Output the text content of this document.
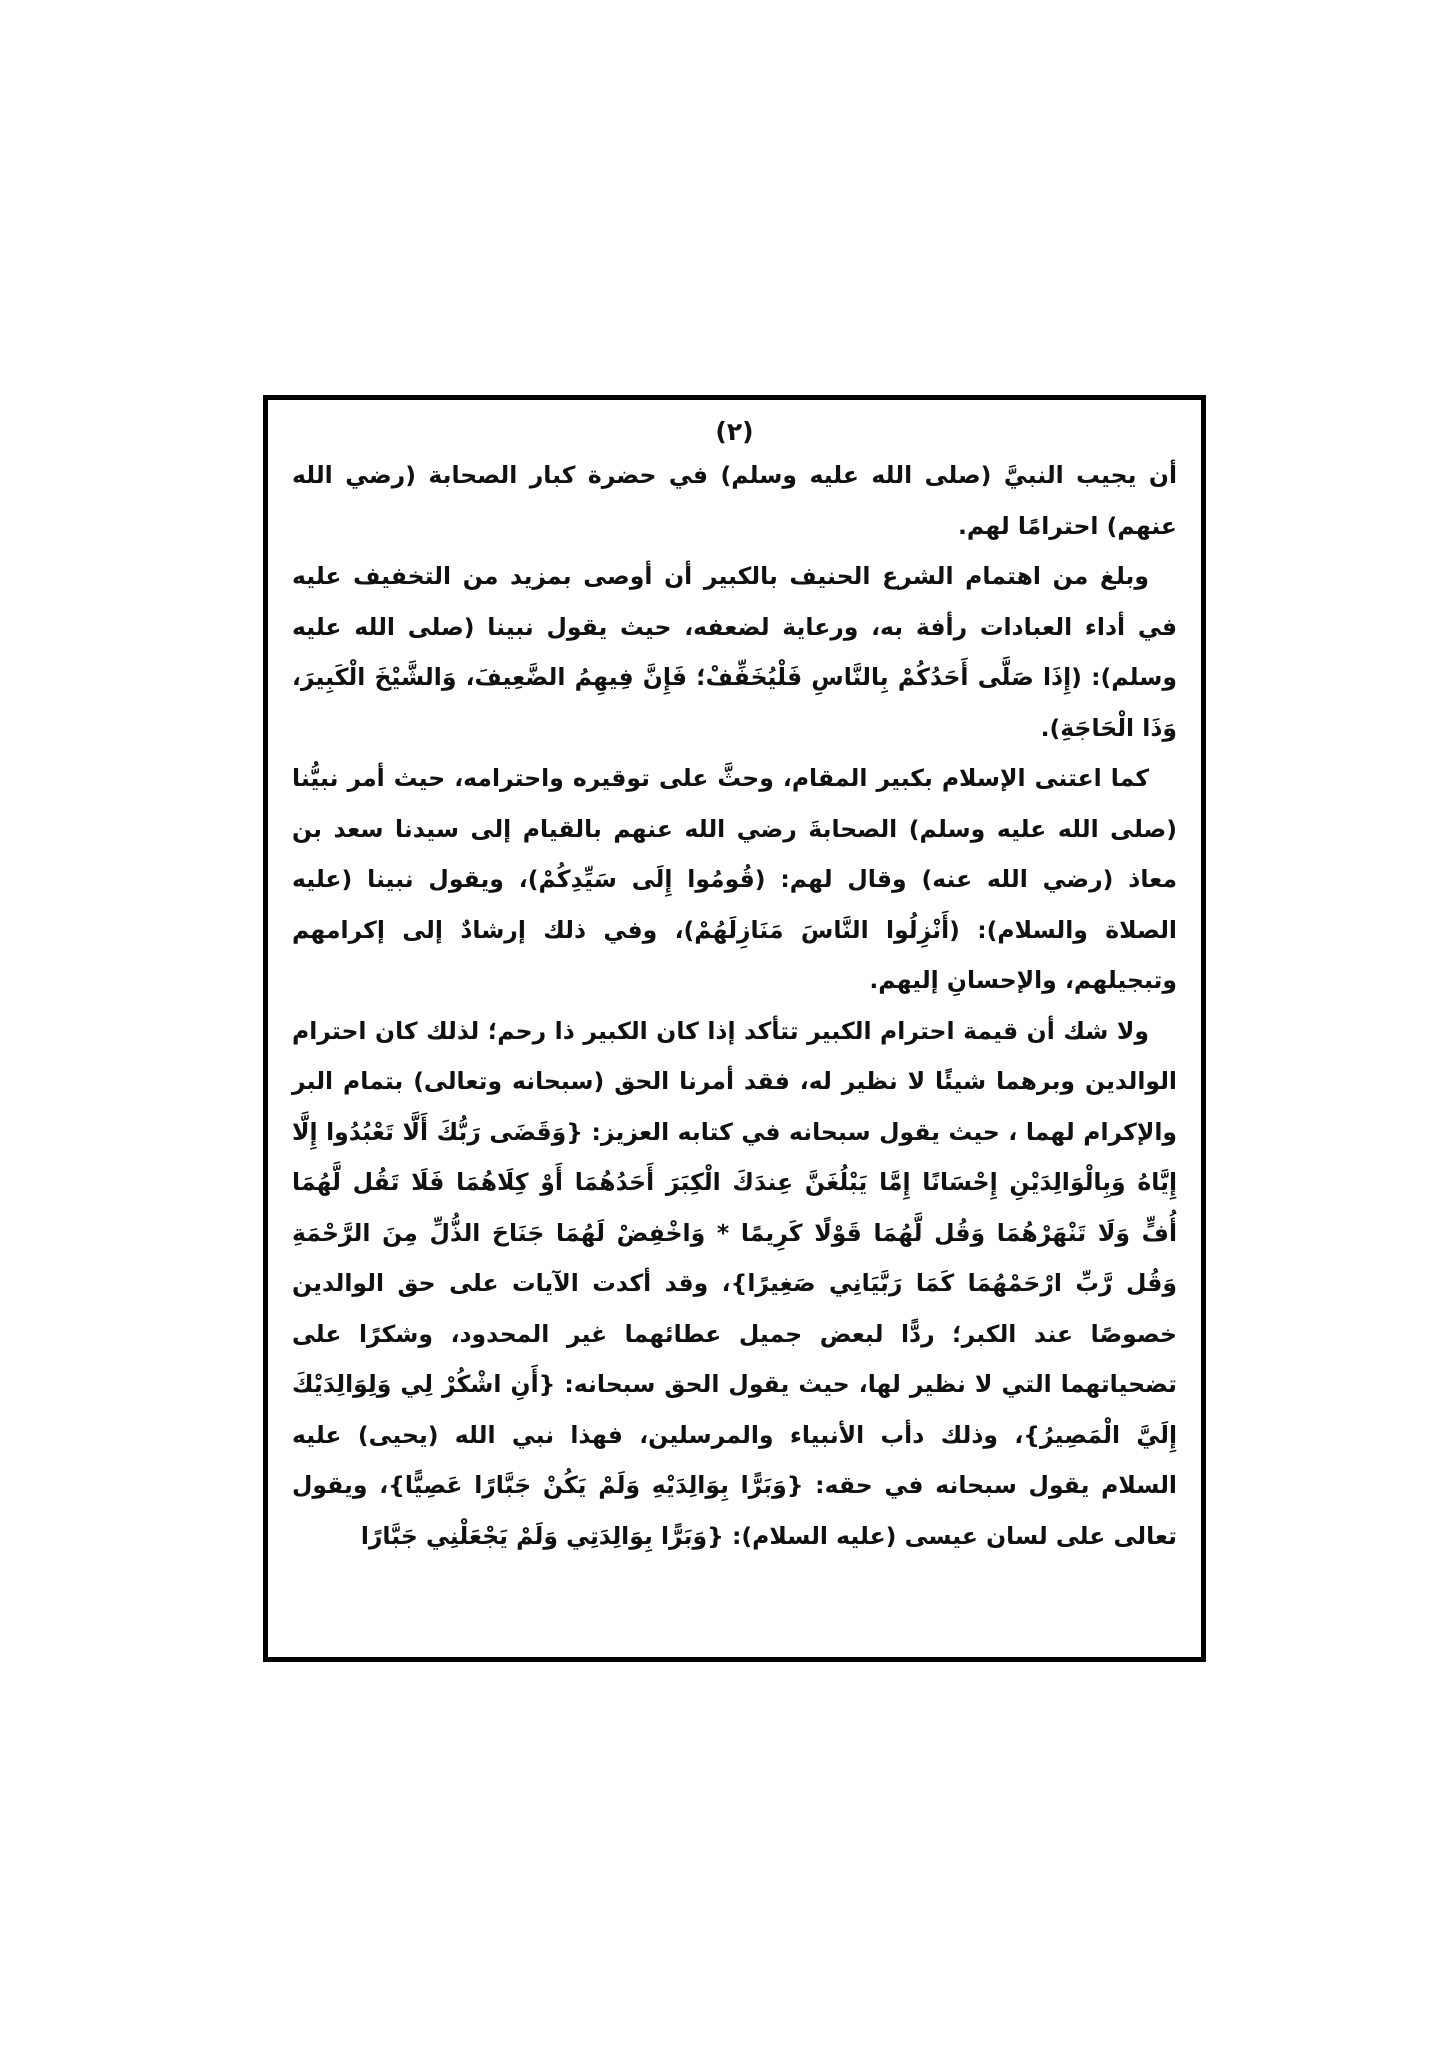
(٢)

أن يجيب النبيَّ (صلى الله عليه وسلم) في حضرة كبار الصحابة (رضي الله عنهم) احترامًا لهم.

وبلغ من اهتمام الشرع الحنيف بالكبير أن أوصى بمزيد من التخفيف عليه في أداء العبادات رأفة به، ورعاية لضعفه، حيث يقول نبينا (صلى الله عليه وسلم): (إِذَا صَلَّى أَحَدُكُمْ بِالنَّاسِ فَلْيُخَفِّفْ؛ فَإِنَّ فِيهِمُ الضَّعِيفَ، وَالشَّيْخَ الْكَبِيرَ، وَذَا الْحَاجَةِ).

كما اعتنى الإسلام بكبير المقام، وحثَّ على توقيره واحترامه، حيث أمر نبيُّنا (صلى الله عليه وسلم) الصحابةَ رضي الله عنهم بالقيام إلى سيدنا سعد بن معاذ (رضي الله عنه) وقال لهم: (قُومُوا إِلَى سَيِّدِكُمْ)، ويقول نبينا (عليه الصلاة والسلام): (أَنْزِلُوا النَّاسَ مَنَازِلَهُمْ)، وفي ذلك إرشادٌ إلى إكرامهم وتبجيلهم، والإحسانِ إليهم.

ولا شك أن قيمة احترام الكبير تتأكد إذا كان الكبير ذا رحم؛ لذلك كان احترام الوالدين وبرهما شيئًا لا نظير له، فقد أمرنا الحق (سبحانه وتعالى) بتمام البر والإكرام لهما ، حيث يقول سبحانه في كتابه العزيز: {وَقَضَى رَبُّكَ أَلَّا تَعْبُدُوا إِلَّا إِيَّاهُ وَبِالْوَالِدَيْنِ إِحْسَانًا إِمَّا يَبْلُغَنَّ عِندَكَ الْكِبَرَ أَحَدُهُمَا أَوْ كِلَاهُمَا فَلَا تَقُل لَّهُمَا أُفٍّ وَلَا تَنْهَرْهُمَا وَقُل لَّهُمَا قَوْلًا كَرِيمًا * وَاخْفِضْ لَهُمَا جَنَاحَ الذُّلِّ مِنَ الرَّحْمَةِ وَقُل رَّبِّ ارْحَمْهُمَا كَمَا رَبَّيَانِي صَغِيرًا}، وقد أكدت الآيات على حق الوالدين خصوصًا عند الكبر؛ ردًّا لبعض جميل عطائهما غير المحدود، وشكرًا على تضحياتهما التي لا نظير لها، حيث يقول الحق سبحانه: {أَنِ اشْكُرْ لِي وَلِوَالِدَيْكَ إِلَيَّ الْمَصِيرُ}، وذلك دأب الأنبياء والمرسلين، فهذا نبي الله (يحيى) عليه السلام يقول سبحانه في حقه: {وَبَرًّا بِوَالِدَيْهِ وَلَمْ يَكُنْ جَبَّارًا عَصِيًّا}، ويقول تعالى على لسان عيسى (عليه السلام): {وَبَرًّا بِوَالِدَتِي وَلَمْ يَجْعَلْنِي جَبَّارًا
